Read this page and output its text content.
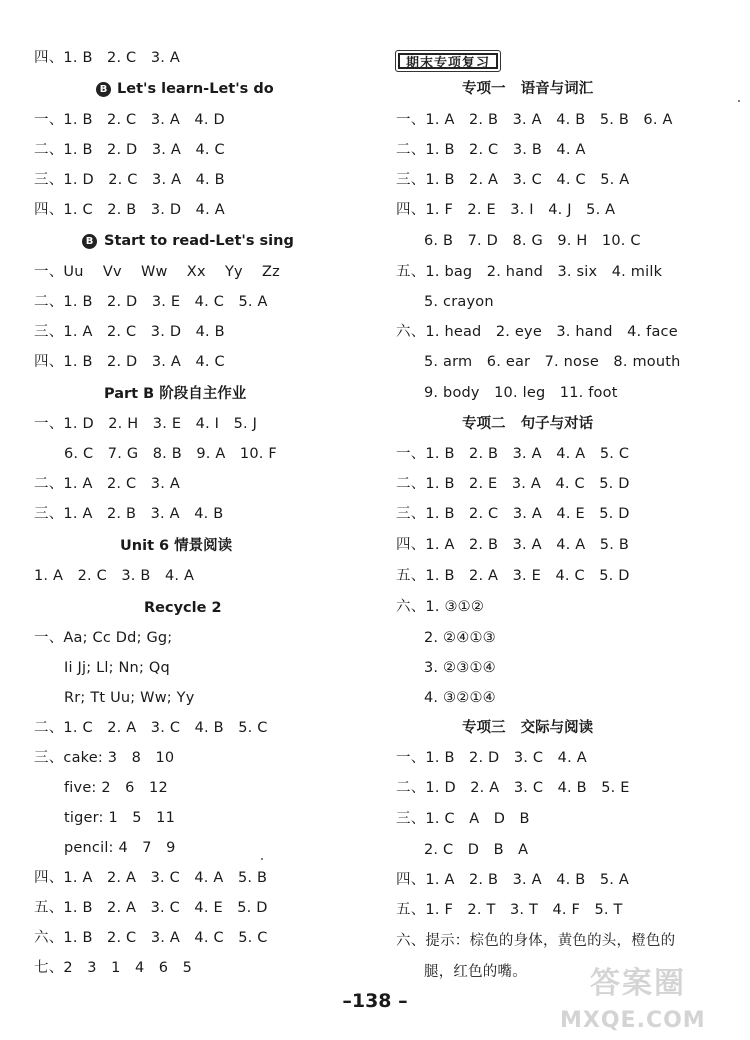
四、1. B   2. C   3. A
B Let's learn-Let's do
一、1. B   2. C   3. A   4. D
二、1. B   2. D   3. A   4. C
三、1. D   2. C   3. A   4. B
四、1. C   2. B   3. D   4. A
B Start to read-Let's sing
一、Uu    Vv    Ww    Xx    Yy    Zz
二、1. B   2. D   3. E   4. C   5. A
三、1. A   2. C   3. D   4. B
四、1. B   2. D   3. A   4. C
Part B 阶段自主作业
一、1. D   2. H   3. E   4. I   5. J
6. C   7. G   8. B   9. A   10. F
二、1. A   2. C   3. A
三、1. A   2. B   3. A   4. B
Unit 6 情景阅读
1. A   2. C   3. B   4. A
Recycle 2
一、Aa; Cc Dd; Gg;
Ii Jj; Ll; Nn; Qq
Rr; Tt Uu; Ww; Yy
二、1. C   2. A   3. C   4. B   5. C
三、cake: 3   8   10
five: 2   6   12
tiger: 1   5   11
pencil: 4   7   9
四、1. A   2. A   3. C   4. A   5. B
五、1. B   2. A   3. C   4. E   5. D
六、1. B   2. C   3. A   4. C   5. C
七、2   3   1   4   6   5
期末专项复习
专项一   语音与词汇
一、1. A   2. B   3. A   4. B   5. B   6. A
二、1. B   2. C   3. B   4. A
三、1. B   2. A   3. C   4. C   5. A
四、1. F   2. E   3. I   4. J   5. A
6. B   7. D   8. G   9. H   10. C
五、1. bag   2. hand   3. six   4. milk
5. crayon
六、1. head   2. eye   3. hand   4. face
5. arm   6. ear   7. nose   8. mouth
9. body   10. leg   11. foot
专项二   句子与对话
一、1. B   2. B   3. A   4. A   5. C
二、1. B   2. E   3. A   4. C   5. D
三、1. B   2. C   3. A   4. E   5. D
四、1. A   2. B   3. A   4. A   5. B
五、1. B   2. A   3. E   4. C   5. D
六、1. ③①②
2. ②④①③
3. ②③①④
4. ③②①④
专项三   交际与阅读
一、1. B   2. D   3. C   4. A
二、1. D   2. A   3. C   4. B   5. E
三、1. C   A   D   B
2. C   D   B   A
四、1. A   2. B   3. A   4. B   5. A
五、1. F   2. T   3. T   4. F   5. T
六、提示：棕色的身体，黄色的头，橙色的
腿，红色的嘴。
–138 –	答案圈
MXQE.COM
